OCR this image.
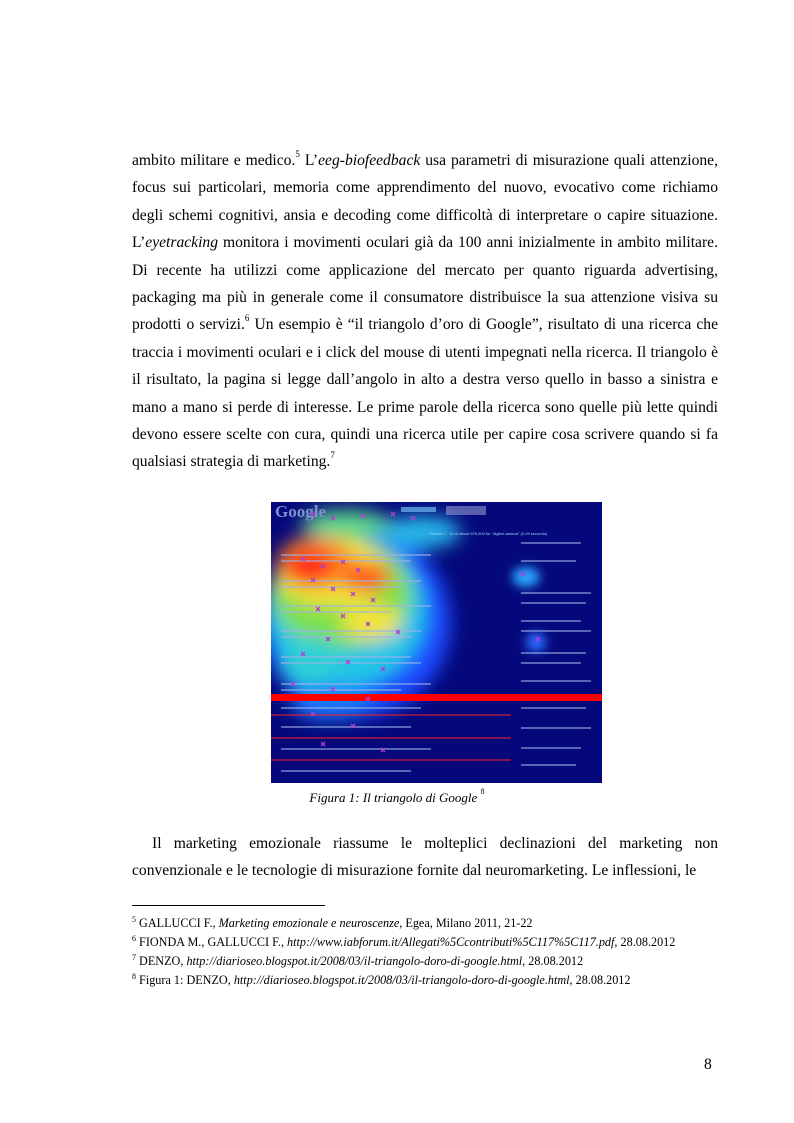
ambito militare e medico.$^5$ L’eeg-biofeedback usa parametri di misurazione quali attenzione, focus sui particolari, memoria come apprendimento del nuovo, evocativo come richiamo degli schemi cognitivi, ansia e decoding come difficoltà di interpretare o capire situazione. L’eyetracking monitora i movimenti oculari già da 100 anni inizialmente in ambito militare. Di recente ha utilizzi come applicazione del mercato per quanto riguarda advertising, packaging ma più in generale come il consumatore distribuisce la sua attenzione visiva su prodotti o servizi.$^6$ Un esempio è “il triangolo d’oro di Google”, risultato di una ricerca che traccia i movimenti oculari e i click del mouse di utenti impegnati nella ricerca. Il triangolo è il risultato, la pagina si legge dall’angolo in alto a destra verso quello in basso a sinistra e mano a mano si perde di interesse. Le prime parole della ricerca sono quelle più lette quindi devono essere scelte con cura, quindi una ricerca utile per capire cosa scrivere quando si fa qualsiasi strategia di marketing.$^7$

Google
Results 1 - 10 of about 976,000 for "digital camera" (0.09 seconds)
Figura 1: Il triangolo di Google $^8$

Il marketing emozionale riassume le molteplici declinazioni del marketing non convenzionale e le tecnologie di misurazione fornite dal neuromarketing. Le inflessioni, le

$^5$ GALLUCCI F., Marketing emozionale e neuroscenze, Egea, Milano 2011, 21-22

$^6$ FIONDA M., GALLUCCI F., http://www.iabforum.it/Allegati%5Ccontributi%5C117%5C117.pdf, 28.08.2012

$^7$ DENZO, http://diarioseo.blogspot.it/2008/03/il-triangolo-doro-di-google.html, 28.08.2012

$^8$ Figura 1: DENZO, http://diarioseo.blogspot.it/2008/03/il-triangolo-doro-di-google.html, 28.08.2012

8
